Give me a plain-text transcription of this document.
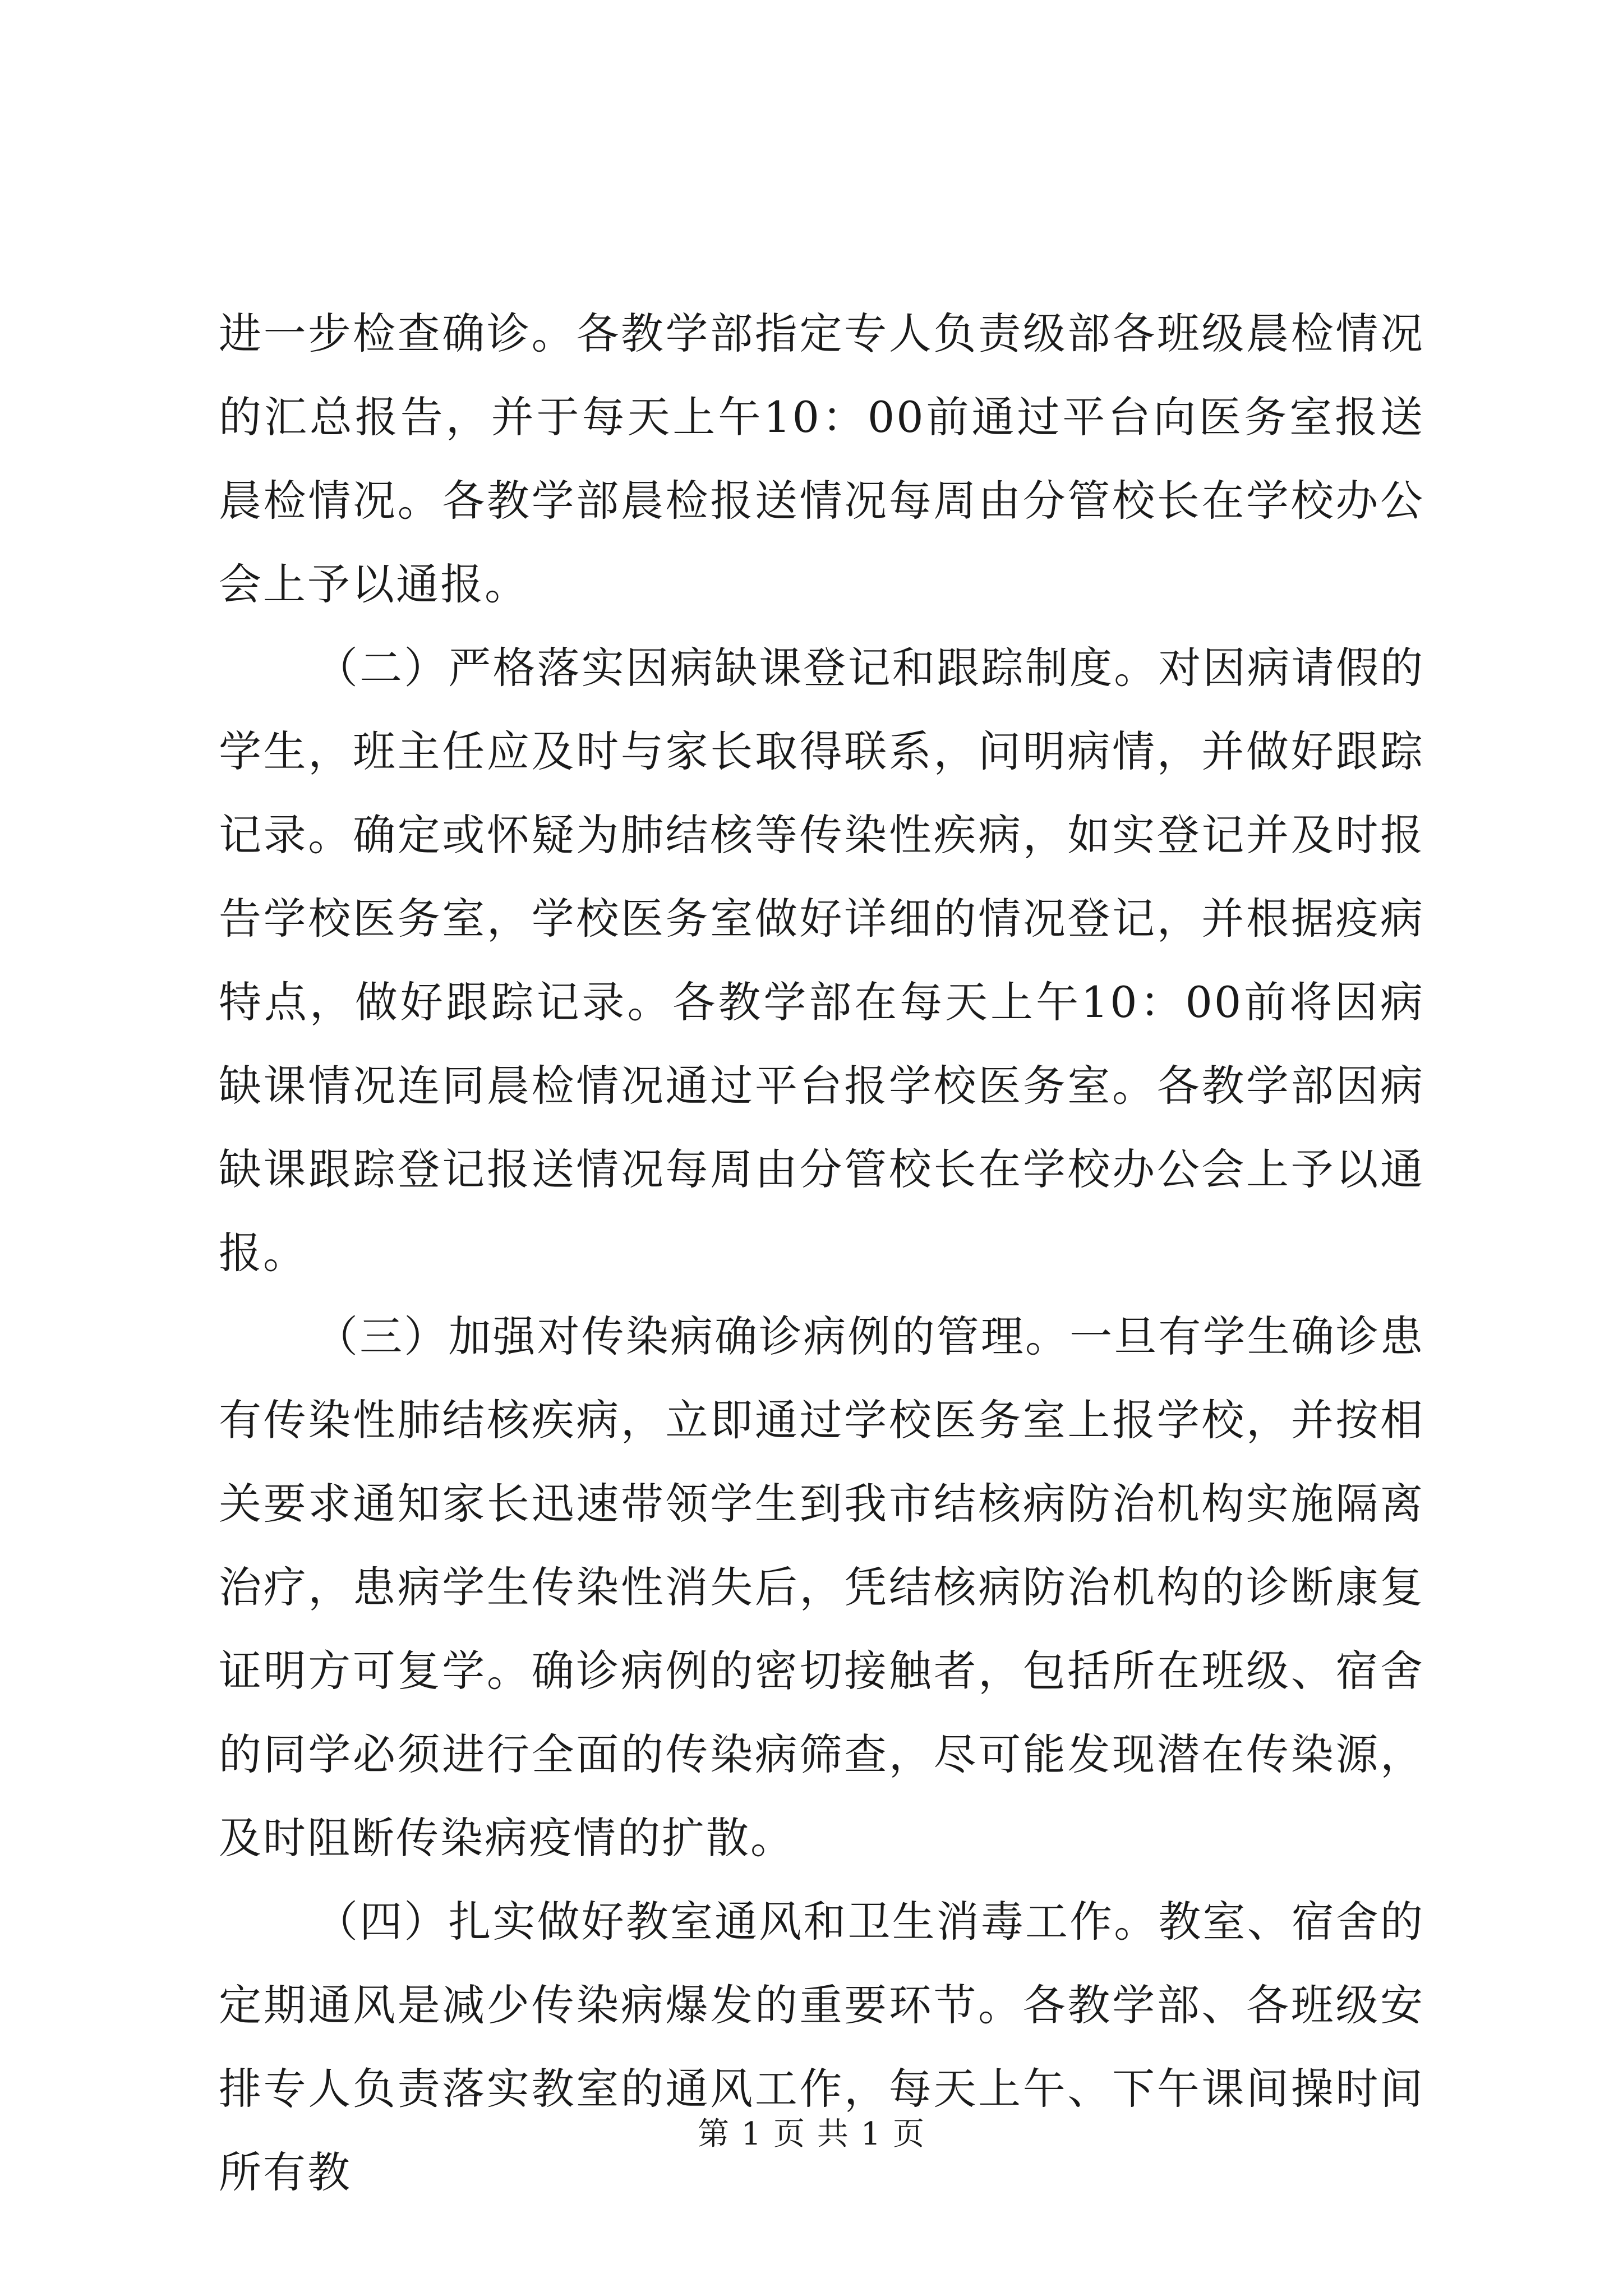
进一步检查确诊。各教学部指定专人负责级部各班级晨检情况的汇总报告，并于每天上午10：00前通过平台向医务室报送晨检情况。各教学部晨检报送情况每周由分管校长在学校办公会上予以通报。

（二）严格落实因病缺课登记和跟踪制度。对因病请假的学生，班主任应及时与家长取得联系，问明病情，并做好跟踪记录。确定或怀疑为肺结核等传染性疾病，如实登记并及时报告学校医务室，学校医务室做好详细的情况登记，并根据疫病特点，做好跟踪记录。各教学部在每天上午10：00前将因病缺课情况连同晨检情况通过平台报学校医务室。各教学部因病缺课跟踪登记报送情况每周由分管校长在学校办公会上予以通报。

（三）加强对传染病确诊病例的管理。一旦有学生确诊患有传染性肺结核疾病，立即通过学校医务室上报学校，并按相关要求通知家长迅速带领学生到我市结核病防治机构实施隔离治疗，患病学生传染性消失后，凭结核病防治机构的诊断康复证明方可复学。确诊病例的密切接触者，包括所在班级、宿舍的同学必须进行全面的传染病筛查，尽可能发现潜在传染源，及时阻断传染病疫情的扩散。

（四）扎实做好教室通风和卫生消毒工作。教室、宿舍的定期通风是减少传染病爆发的重要环节。各教学部、各班级安排专人负责落实教室的通风工作，每天上午、下午课间操时间所有教

第 1 页 共 1 页
